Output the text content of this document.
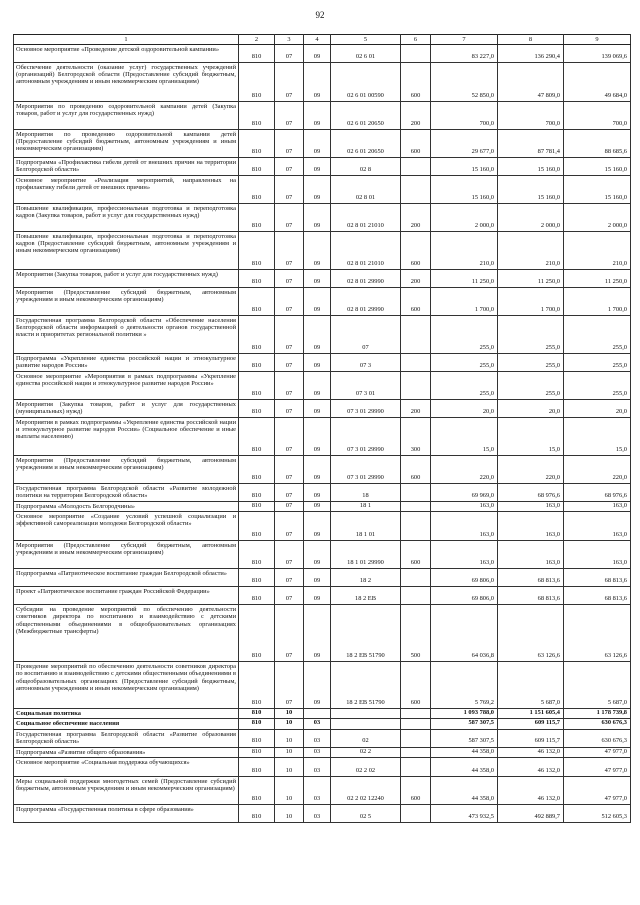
92
1	2	3	4	5	6	7	8	9
Основное мероприятие «Проведение детской оздоровительной кампании»	810	07	09	02 6 01		83 227,0	136 290,4	139 069,6
Обеспечение деятельности (оказание услуг) государственных учреждений (организаций) Белгородской области (Предоставление субсидий бюджетным, автономным учреждениям и иным некоммерческим организациям)	810	07	09	02 6 01 00590	600	52 850,0	47 809,0	49 684,0
Мероприятия по проведению оздоровительной кампании детей (Закупка товаров, работ и услуг для государственных нужд)	810	07	09	02 6 01 20650	200	700,0	700,0	700,0
Мероприятия по проведению оздоровительной кампании детей (Предоставление субсидий бюджетным, автономным учреждениям и иным некоммерческим организациям)	810	07	09	02 6 01 20650	600	29 677,0	87 781,4	88 685,6
Подпрограмма «Профилактика гибели детей от внешних причин на территории Белгородской области»	810	07	09	02 8		15 160,0	15 160,0	15 160,0
Основное мероприятие «Реализация мероприятий, направленных на профилактику гибели детей от внешних причин»	810	07	09	02 8 01		15 160,0	15 160,0	15 160,0
Повышение квалификации, профессиональная подготовка и переподготовка кадров (Закупка товаров, работ и услуг для государственных нужд)	810	07	09	02 8 01 21010	200	2 000,0	2 000,0	2 000,0
Повышение квалификации, профессиональная подготовка и переподготовка кадров (Предоставление субсидий бюджетным, автономным учреждениям и иным некоммерческим организациям)	810	07	09	02 8 01 21010	600	210,0	210,0	210,0
Мероприятия (Закупка товаров, работ и услуг для государственных нужд)	810	07	09	02 8 01 29990	200	11 250,0	11 250,0	11 250,0
Мероприятия (Предоставление субсидий бюджетным, автономным учреждениям и иным некоммерческим организациям)	810	07	09	02 8 01 29990	600	1 700,0	1 700,0	1 700,0
Государственная программа Белгородской области «Обеспечение населения Белгородской области информацией о деятельности органов государственной власти и приоритетах региональной политики »	810	07	09	07		255,0	255,0	255,0
Подпрограмма «Укрепление единства российской нации и этнокультурное развитие народов России»	810	07	09	07 3		255,0	255,0	255,0
Основное мероприятие «Мероприятия в рамках подпрограммы «Укрепление единства российской нации и этнокультурное развитие народов России»	810	07	09	07 3 01		255,0	255,0	255,0
Мероприятия (Закупка товаров, работ и услуг для государственных (муниципальных) нужд)	810	07	09	07 3 01 29990	200	20,0	20,0	20,0
Мероприятия в рамках подпрограммы «Укрепление единства российской нации и этнокультурное развитие народов России» (Социальное обеспечение и иные выплаты населению)	810	07	09	07 3 01 29990	300	15,0	15,0	15,0
Мероприятия (Предоставление субсидий бюджетным, автономным учреждениям и иным некоммерческим организациям)	810	07	09	07 3 01 29990	600	220,0	220,0	220,0
Государственная программа Белгородской области «Развитие молодежной политики на территории Белгородской области»	810	07	09	18		69 969,0	68 976,6	68 976,6
Подпрограмма «Молодость Белгородчины»	810	07	09	18 1		163,0	163,0	163,0
Основное мероприятие «Создание условий успешной социализации и эффективной самореализации молодежи Белгородской области»	810	07	09	18 1 01		163,0	163,0	163,0
Мероприятия (Предоставление субсидий бюджетным, автономным учреждениям и иным некоммерческим организациям)	810	07	09	18 1 01 29990	600	163,0	163,0	163,0
Подпрограмма «Патриотическое воспитание граждан Белгородской области»	810	07	09	18 2		69 806,0	68 813,6	68 813,6
Проект «Патриотическое воспитание граждан Российской Федерации»	810	07	09	18 2 ЕВ		69 806,0	68 813,6	68 813,6
Субсидии на проведение мероприятий по обеспечению деятельности советников директора по воспитанию и взаимодействию с детскими общественными объединениями в общеобразовательных организациях (Межбюджетные трансферты)	810	07	09	18 2 ЕВ 51790	500	64 036,8	63 126,6	63 126,6
Проведение мероприятий по обеспечению деятельности советников директора по воспитанию и взаимодействию с детскими общественными объединениями в общеобразовательных организациях (Предоставление субсидий бюджетным, автономным учреждениям и иным некоммерческим организациям)	810	07	09	18 2 ЕВ 51790	600	5 769,2	5 687,0	5 687,0
Социальная политика	810	10				1 093 788,0	1 151 605,4	1 178 739,8
Социальное обеспечение населения	810	10	03			587 307,5	609 115,7	630 676,3
Государственная программа Белгородской области «Развитие образования Белгородской области»	810	10	03	02		587 307,5	609 115,7	630 676,3
Подпрограмма «Развитие общего образования»	810	10	03	02 2		44 358,0	46 132,0	47 977,0
Основное мероприятие «Социальная поддержка обучающихся»	810	10	03	02 2 02		44 358,0	46 132,0	47 977,0
Меры социальной поддержки многодетных семей (Предоставление субсидий бюджетным, автономным учреждениям и иным некоммерческим организациям)	810	10	03	02 2 02 12240	600	44 358,0	46 132,0	47 977,0
Подпрограмма «Государственная политика в сфере образования»	810	10	03	02 5		473 932,5	492 889,7	512 605,3
